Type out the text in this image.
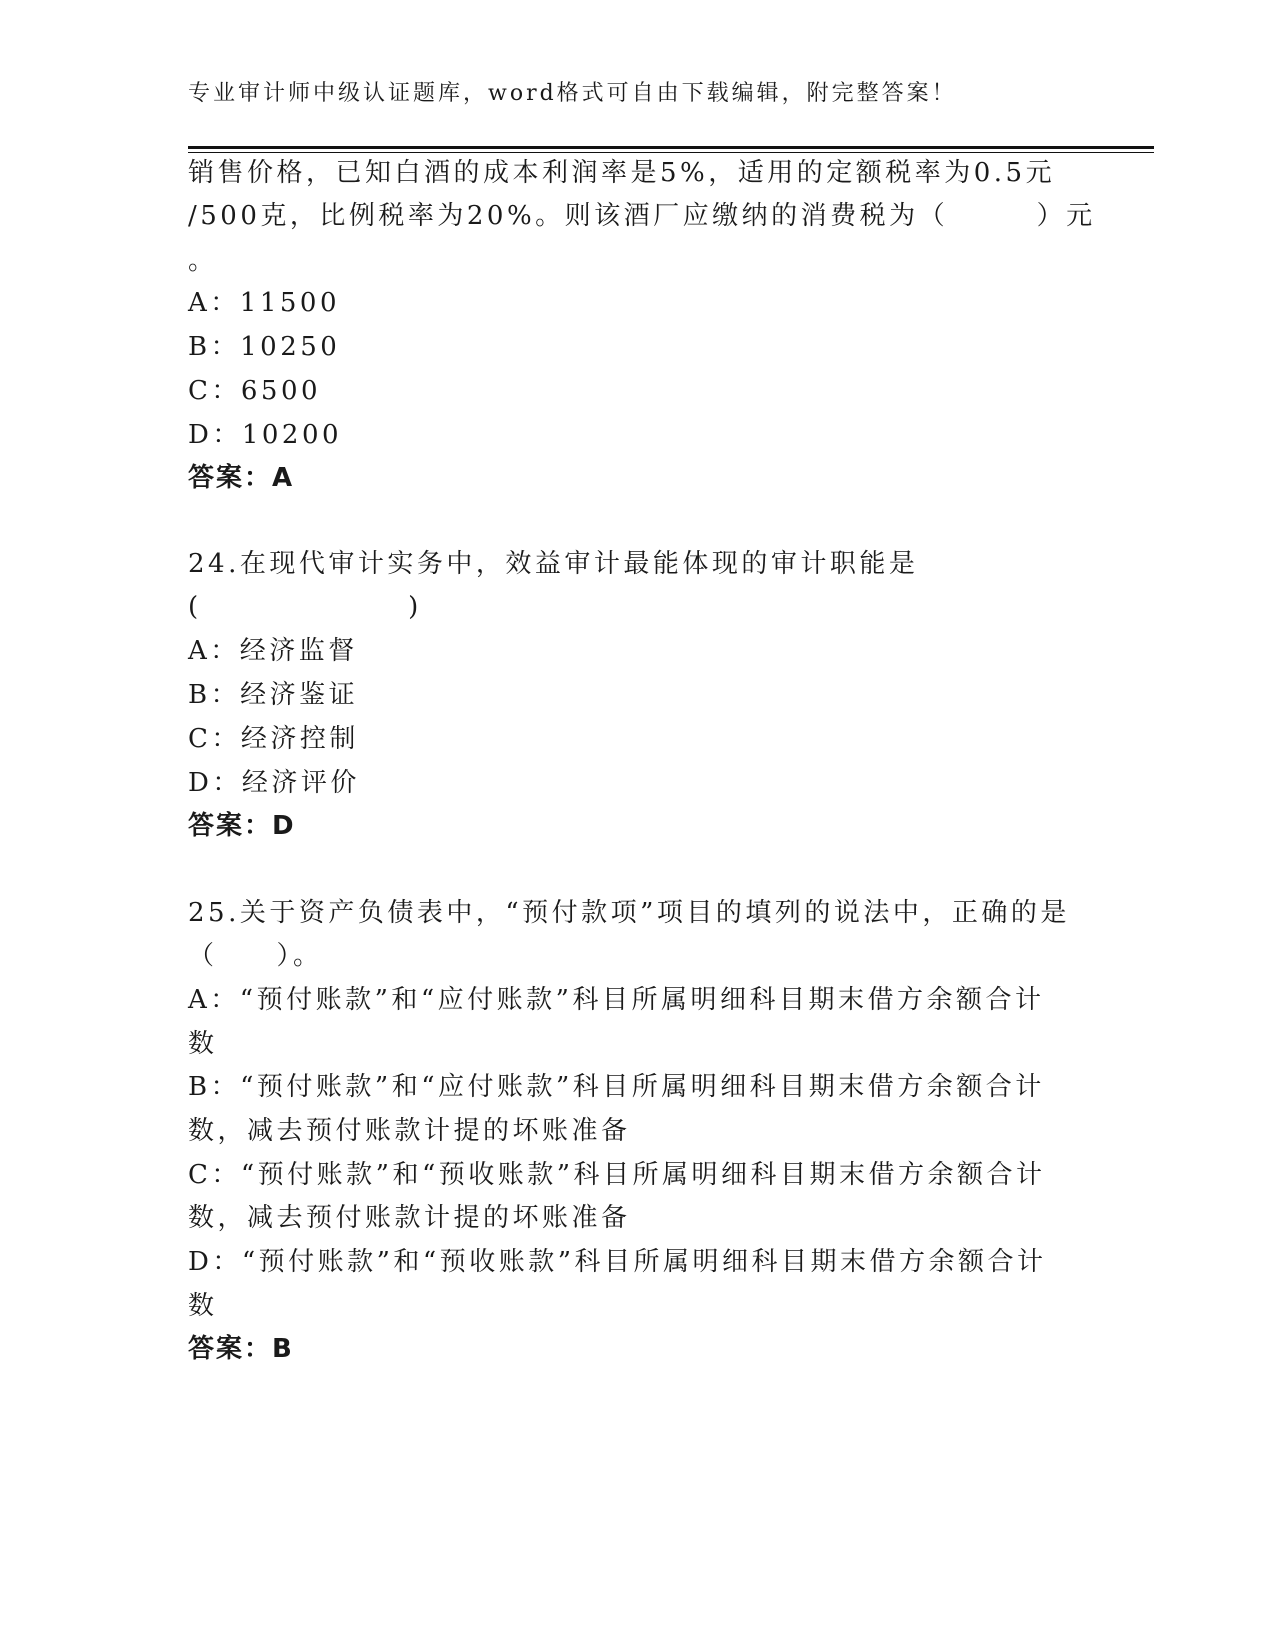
专业审计师中级认证题库，word格式可自由下载编辑，附完整答案！
销售价格，已知白酒的成本利润率是5%，适用的定额税率为0.5元
/500克，比例税率为20%。则该酒厂应缴纳的消费税为（　　　）元
。
A：11500
B：10250
C：6500
D：10200
答案：A
24.在现代审计实务中，效益审计最能体现的审计职能是
(　　　　　　　)
A：经济监督
B：经济鉴证
C：经济控制
D：经济评价
答案：D
25.关于资产负债表中，“预付款项”项目的填列的说法中，正确的是
（　　）。
A：“预付账款”和“应付账款”科目所属明细科目期末借方余额合计
数
B：“预付账款”和“应付账款”科目所属明细科目期末借方余额合计
数，减去预付账款计提的坏账准备
C：“预付账款”和“预收账款”科目所属明细科目期末借方余额合计
数，减去预付账款计提的坏账准备
D：“预付账款”和“预收账款”科目所属明细科目期末借方余额合计
数
答案：B
